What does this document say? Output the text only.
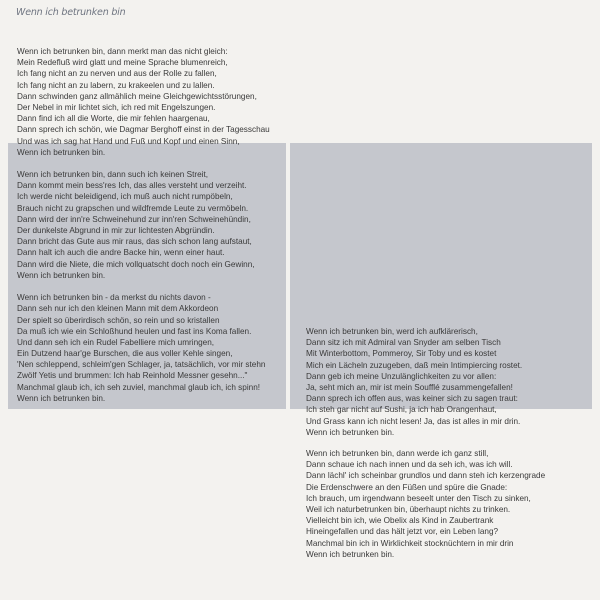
Wenn ich betrunken bin
Wenn ich betrunken bin, dann merkt man das nicht gleich:
Mein Redefluß wird glatt und meine Sprache blumenreich,
Ich fang nicht an zu nerven und aus der Rolle zu fallen,
Ich fang nicht an zu labern, zu krakeelen und zu lallen.
Dann schwinden ganz allmählich meine Gleichgewichtsstörungen,
Der Nebel in mir lichtet sich, ich red mit Engelszungen.
Dann find ich all die Worte, die mir fehlen haargenau,
Dann sprech ich schön, wie Dagmar Berghoff einst in der Tagesschau
Und was ich sag hat Hand und Fuß und Kopf und einen Sinn,
Wenn ich betrunken bin.
Wenn ich betrunken bin, dann such ich keinen Streit,
Dann kommt mein bess'res Ich, das alles versteht und verzeiht.
Ich werde nicht beleidigend, ich muß auch nicht rumpöbeln,
Brauch nicht zu grapschen und wildfremde Leute zu vermöbeln.
Dann wird der inn're Schweinehund zur inn'ren Schweinehündin,
Der dunkelste Abgrund in mir zur lichtesten Abgründin.
Dann bricht das Gute aus mir raus, das sich schon lang aufstaut,
Dann halt ich auch die andre Backe hin, wenn einer haut.
Dann wird die Niete, die mich vollquatscht doch noch ein Gewinn,
Wenn ich betrunken bin.
Wenn ich betrunken bin - da merkst du nichts davon -
Dann seh nur ich den kleinen Mann mit dem Akkordeon
Der spielt so überirdisch schön, so rein und so kristallen
Da muß ich wie ein Schloßhund heulen und fast ins Koma fallen.
Und dann seh ich ein Rudel Fabelliere mich umringen,
Ein Dutzend haar'ge Burschen, die aus voller Kehle singen,
'Nen schleppend, schleim'gen Schlager, ja, tatsächlich, vor mir stehn
Zwölf Yetis und brummen: Ich hab Reinhold Messner gesehn..."
Manchmal glaub ich, ich seh zuviel, manchmal glaub ich, ich spinn!
Wenn ich betrunken bin.
Wenn ich betrunken bin, werd ich aufklärerisch,
Dann sitz ich mit Admiral van Snyder am selben Tisch
Mit Winterbottom, Pommeroy, Sir Toby und es kostet
Mich ein Lächeln zuzugeben, daß mein Intimpiercing rostet.
Dann geb ich meine Unzulänglichkeiten zu vor allen:
Ja, seht mich an, mir ist mein Soufflé zusammengefallen!
Dann sprech ich offen aus, was keiner sich zu sagen traut:
Ich steh gar nicht auf Sushi, ja ich hab Orangenhaut,
Und Grass kann ich nicht lesen! Ja, das ist alles in mir drin.
Wenn ich betrunken bin.
Wenn ich betrunken bin, dann werde ich ganz still,
Dann schaue ich nach innen und da seh ich, was ich will.
Dann lächl' ich scheinbar grundlos und dann steh ich kerzengrade
Die Erdenschwere an den Füßen und spüre die Gnade:
Ich brauch, um irgendwann beseelt unter den Tisch zu sinken,
Weil ich naturbetrunken bin, überhaupt nichts zu trinken.
Vielleicht bin ich, wie Obelix als Kind in Zaubertrank
Hineingefallen und das hält jetzt vor, ein Leben lang?
Manchmal bin ich in Wirklichkeit stocknüchtern in mir drin
Wenn ich betrunken bin.
